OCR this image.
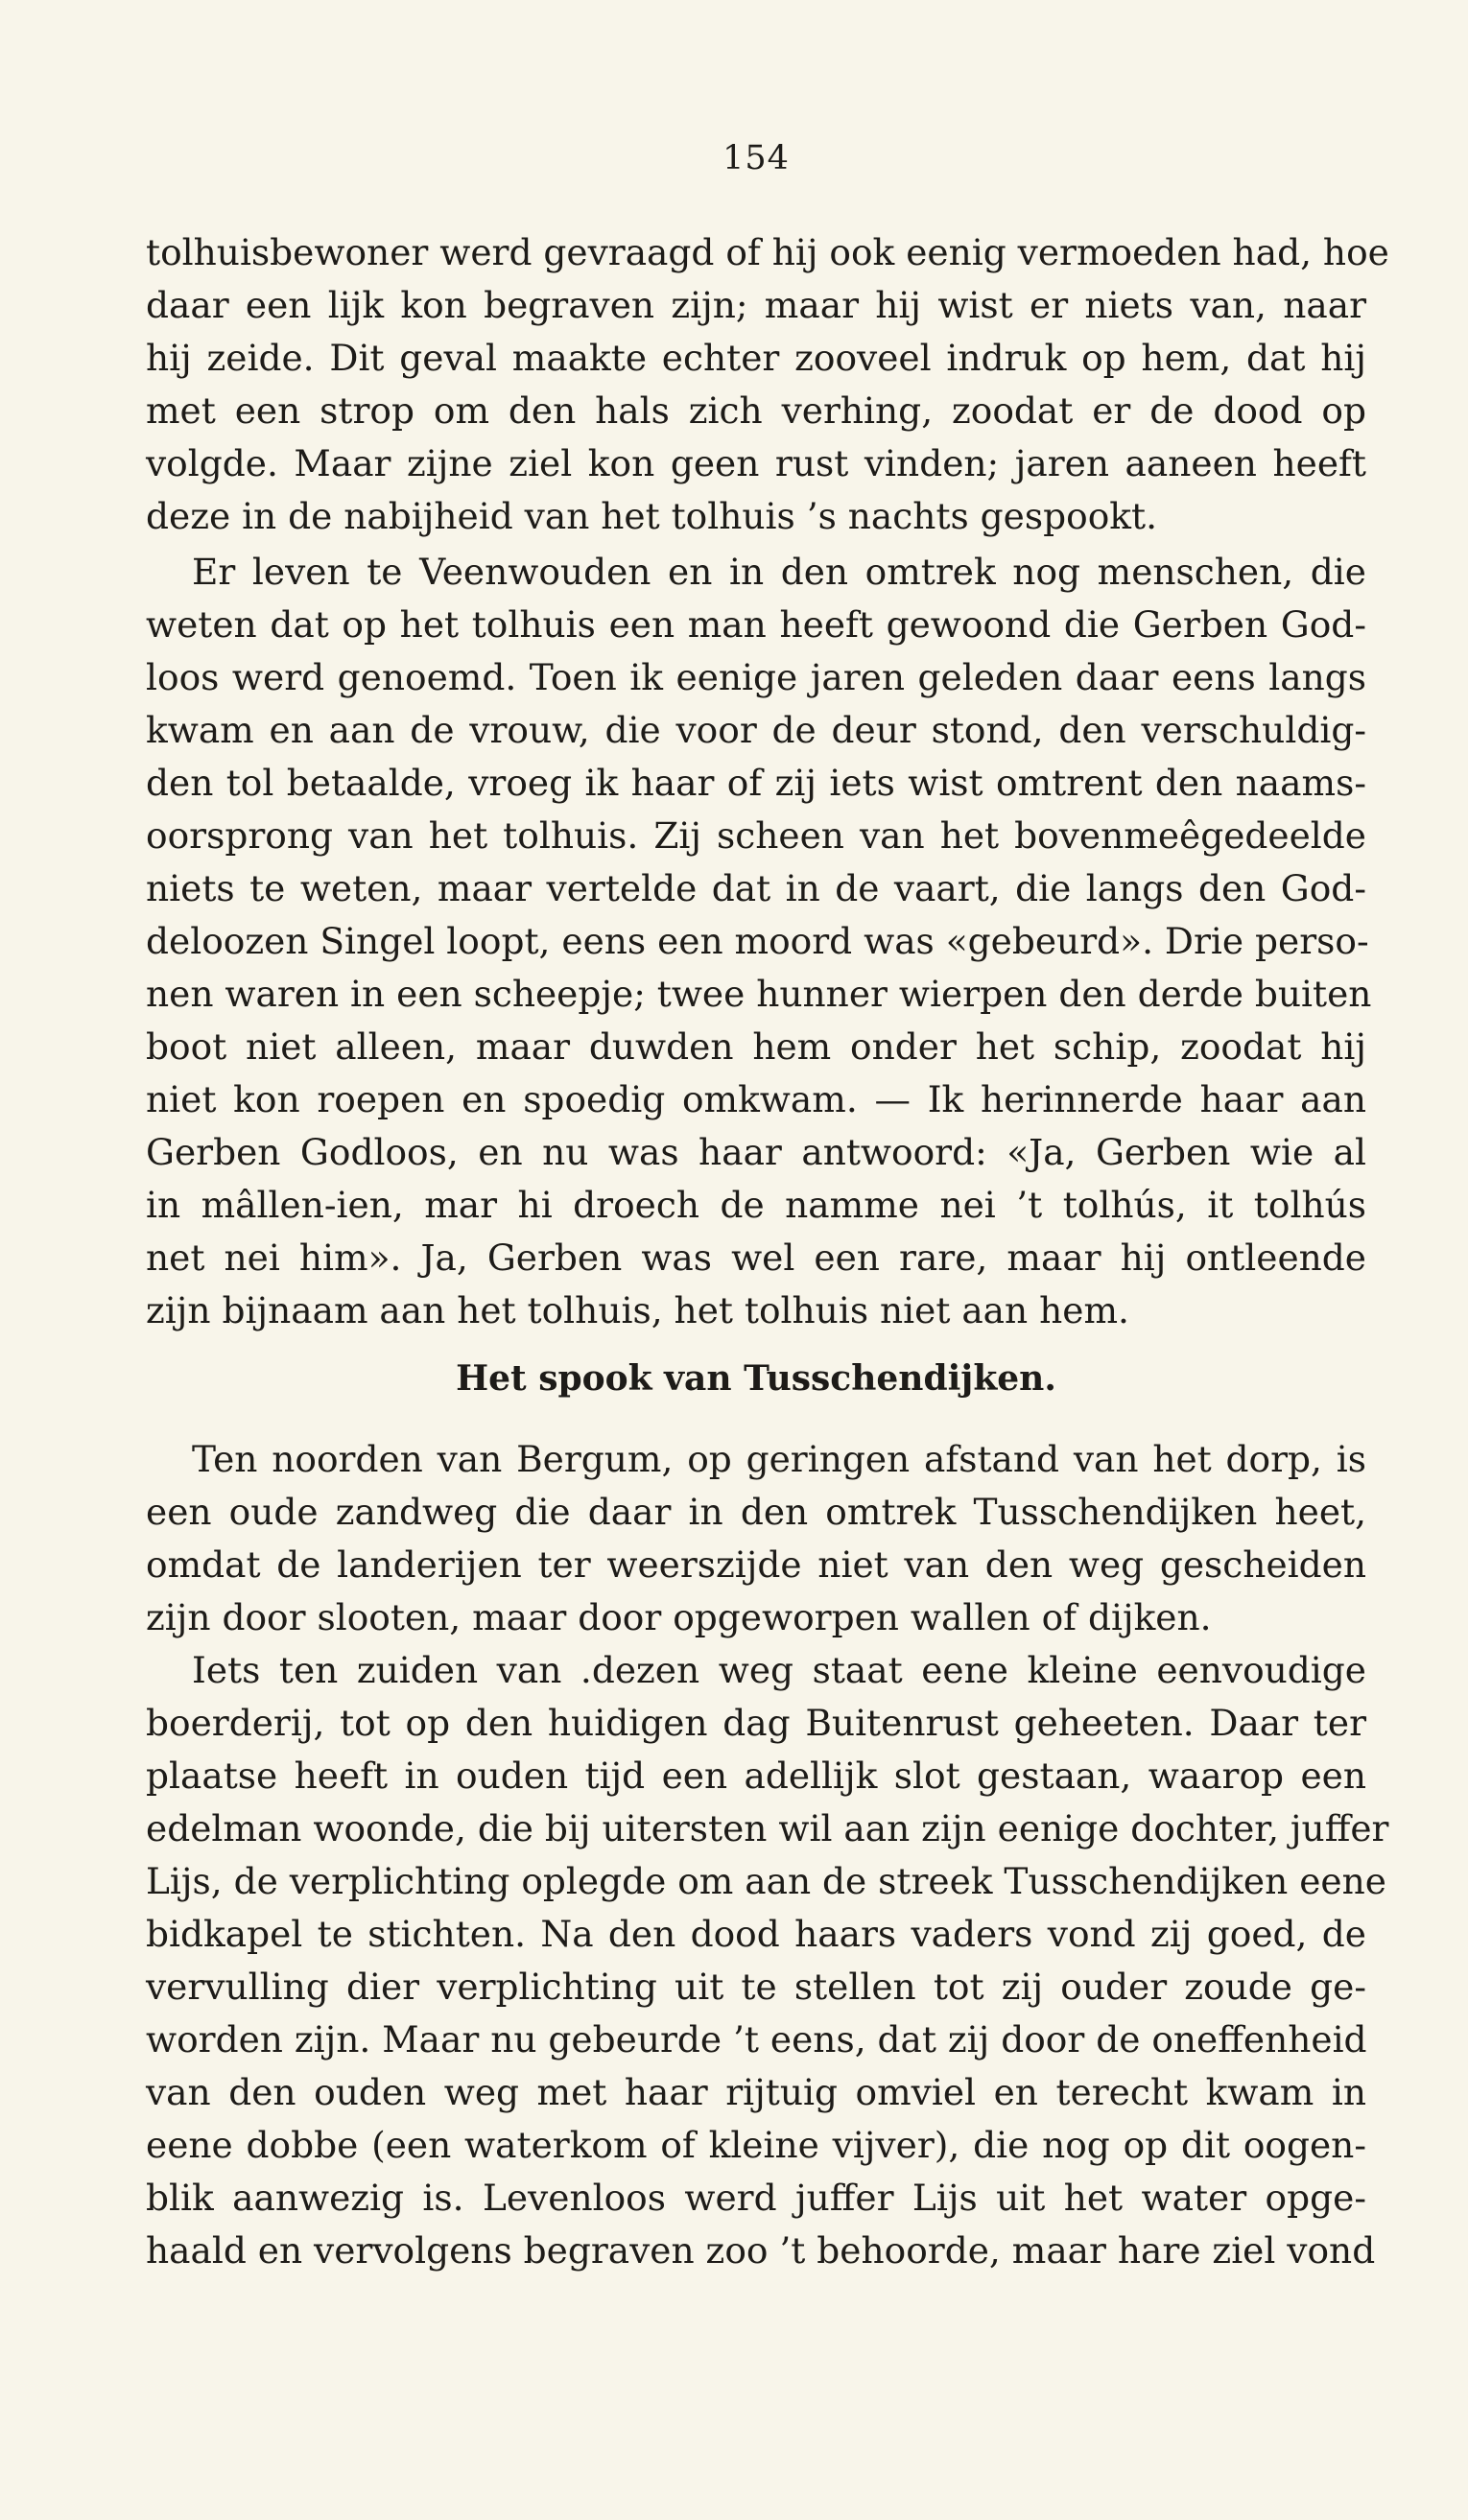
154
tolhuisbewoner werd gevraagd of hij ook eenig vermoeden had, hoe
daar een lijk kon begraven zijn; maar hij wist er niets van, naar
hij zeide. Dit geval maakte echter zooveel indruk op hem, dat hij
met een strop om den hals zich verhing, zoodat er de dood op
volgde. Maar zijne ziel kon geen rust vinden; jaren aaneen heeft
deze in de nabijheid van het tolhuis ’s nachts gespookt.
Er leven te Veenwouden en in den omtrek nog menschen, die
weten dat op het tolhuis een man heeft gewoond die Gerben God-
loos werd genoemd. Toen ik eenige jaren geleden daar eens langs
kwam en aan de vrouw, die voor de deur stond, den verschuldig-
den tol betaalde, vroeg ik haar of zij iets wist omtrent den naams-
oorsprong van het tolhuis. Zij scheen van het bovenmeêgedeelde
niets te weten, maar vertelde dat in de vaart, die langs den God-
deloozen Singel loopt, eens een moord was «gebeurd». Drie perso-
nen waren in een scheepje; twee hunner wierpen den derde buiten
boot niet alleen, maar duwden hem onder het schip, zoodat hij
niet kon roepen en spoedig omkwam. — Ik herinnerde haar aan
Gerben Godloos, en nu was haar antwoord: «Ja, Gerben wie al
in mâllen-ien, mar hi droech de namme nei ’t tolhús, it tolhús
net nei him». Ja, Gerben was wel een rare, maar hij ontleende
zijn bijnaam aan het tolhuis, het tolhuis niet aan hem.
Ten noorden van Bergum, op geringen afstand van het dorp, is
een oude zandweg die daar in den omtrek Tusschendijken heet,
omdat de landerijen ter weerszijde niet van den weg gescheiden
zijn door slooten, maar door opgeworpen wallen of dijken.
Iets ten zuiden van .dezen weg staat eene kleine eenvoudige
boerderij, tot op den huidigen dag Buitenrust geheeten. Daar ter
plaatse heeft in ouden tijd een adellijk slot gestaan, waarop een
edelman woonde, die bij uitersten wil aan zijn eenige dochter, juffer
Lijs, de verplichting oplegde om aan de streek Tusschendijken eene
bidkapel te stichten. Na den dood haars vaders vond zij goed, de
vervulling dier verplichting uit te stellen tot zij ouder zoude ge-
worden zijn. Maar nu gebeurde ’t eens, dat zij door de oneffenheid
van den ouden weg met haar rijtuig omviel en terecht kwam in
eene dobbe (een waterkom of kleine vijver), die nog op dit oogen-
blik aanwezig is. Levenloos werd juffer Lijs uit het water opge-
haald en vervolgens begraven zoo ’t behoorde, maar hare ziel vond
Het spook van Tusschendijken.
